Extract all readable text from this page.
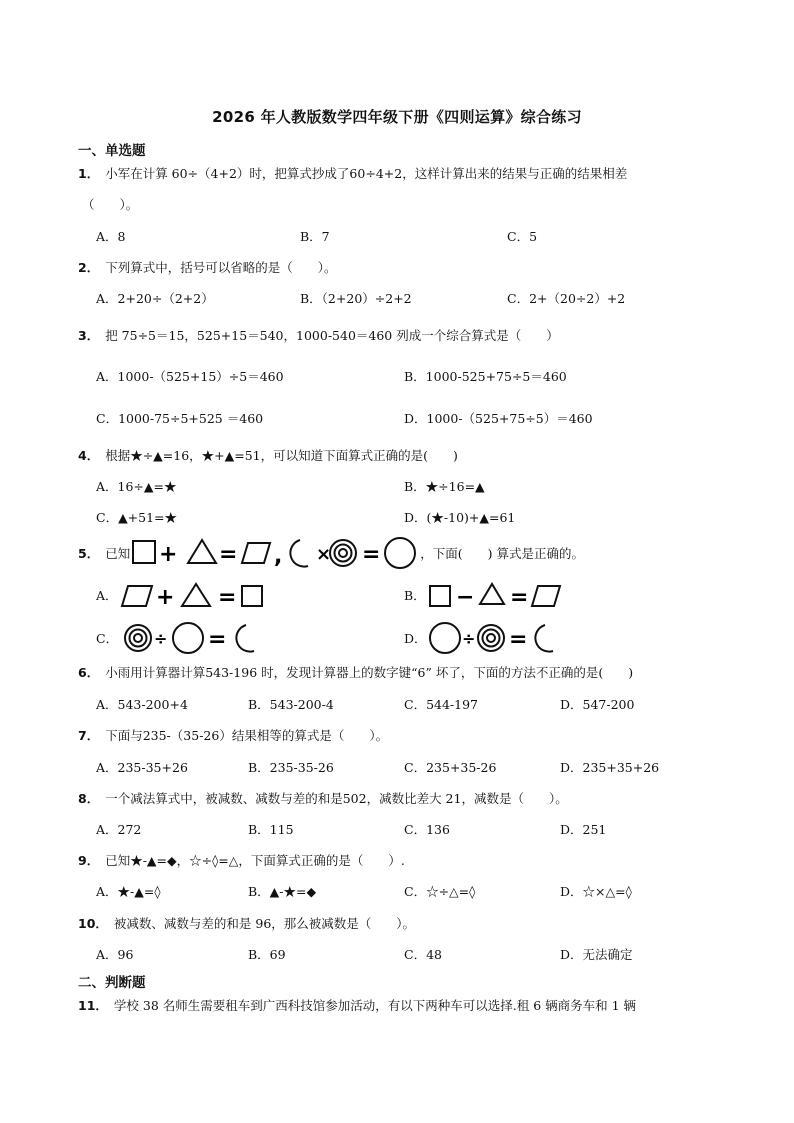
2026 年人教版数学四年级下册《四则运算》综合练习
一、单选题
1． 小军在计算 60÷（4+2）时，把算式抄成了60÷4+2，这样计算出来的结果与正确的结果相差
（　　）。
A．8	B．7	C．5
2． 下列算式中，括号可以省略的是（　　）。
A．2+20÷（2+2）	B．（2+20）÷2+2	C．2+（20÷2）+2
3． 把 75÷5＝15，525+15＝540，1000-540＝460 列成一个综合算式是（　　）
A．1000-（525+15）÷5＝460	B．1000-525+75÷5＝460
C．1000-75÷5+525 ＝460	D．1000-（525+75÷5）＝460
4． 根据★÷▲=16，★+▲=51，可以知道下面算式正确的是(　　)
A．16÷▲=★	B．★÷16=▲
C．▲+51=★	D．(★-10)+▲=61
5． 已知 + = , × =	，下面(　　) 算式是正确的。
A． + =	B． − =
C． ÷ =	D． ÷ =
6． 小雨用计算器计算543-196 时，发现计算器上的数字键“6” 坏了，下面的方法不正确的是(　　)
A．543-200+4	B．543-200-4	C．544-197	D．547-200
7． 下面与235-（35-26）结果相等的算式是（　　）。
A．235-35+26	B．235-35-26	C．235+35-26	D．235+35+26
8． 一个减法算式中，被减数、减数与差的和是502，减数比差大 21，减数是（　　）。
A．272	B．115	C．136	D．251
9． 已知★-▲=◆，☆÷◊=△，下面算式正确的是（　　）.
A．★-▲=◊	B．▲-★=◆	C．☆÷△=◊	D．☆×△=◊
10． 被减数、减数与差的和是 96，那么被减数是（　　）。
A．96	B．69	C．48	D．无法确定
二、判断题
11． 学校 38 名师生需要租车到广西科技馆参加活动，有以下两种车可以选择.租 6 辆商务车和 1 辆
